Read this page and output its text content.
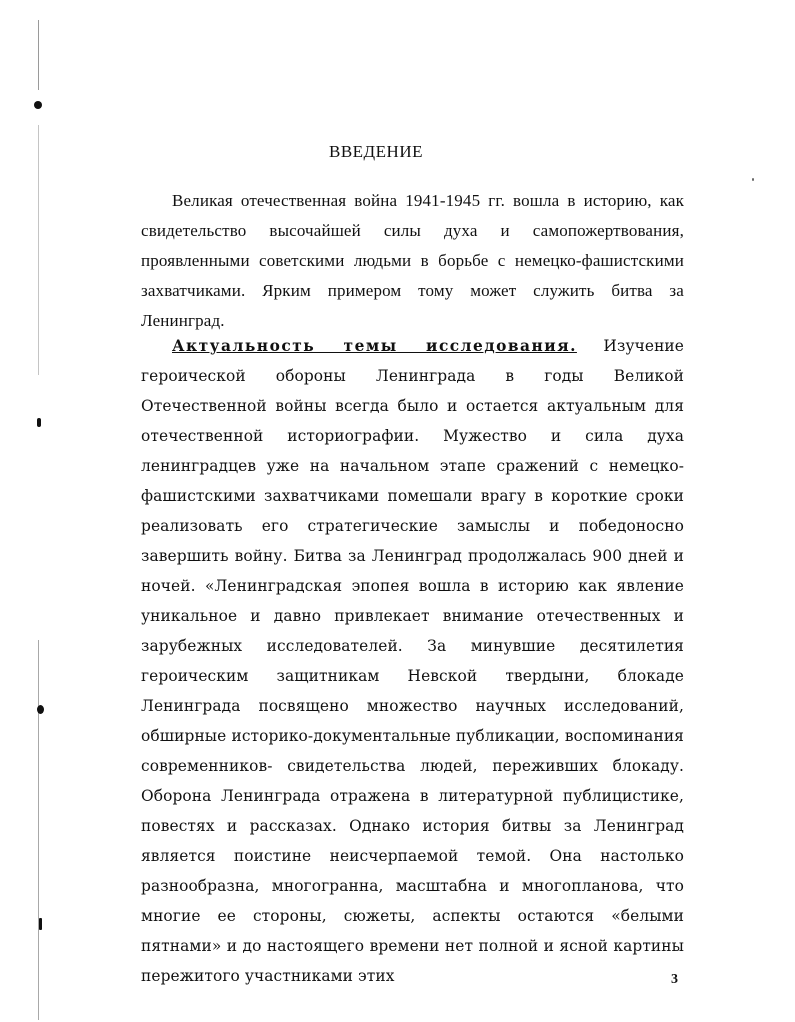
ВВЕДЕНИЕ

Великая отечественная война 1941-1945 гг. вошла в историю, как свидетельство высочайшей силы духа и самопожертвования, проявленными советскими людьми в борьбе с немецко-фашистскими захватчиками. Ярким примером тому может служить битва за Ленинград.

Актуальность темы исследования. Изучение героической обороны Ленинграда в годы Великой Отечественной войны всегда было и остается актуальным для отечественной историографии. Мужество и сила духа ленинградцев уже на начальном этапе сражений с немецко-фашистскими захватчиками помешали врагу в короткие сроки реализовать его стратегические замыслы и победоносно завершить войну. Битва за Ленинград продолжалась 900 дней и ночей. «Ленинградская эпопея вошла в историю как явление уникальное и давно привлекает внимание отечественных и зарубежных исследователей. За минувшие десятилетия героическим защитникам Невской твердыни, блокаде Ленинграда посвящено множество научных исследований, обширные историко-документальные публикации, воспоминания современников- свидетельства людей, переживших блокаду. Оборона Ленинграда отражена в литературной публицистике, повестях и рассказах. Однако история битвы за Ленинград является поистине неисчерпаемой темой. Она настолько разнообразна, многогранна, масштабна и многопланова, что многие ее стороны, сюжеты, аспекты остаются «белыми пятнами» и до настоящего времени нет полной и ясной картины пережитого участниками этих	3
